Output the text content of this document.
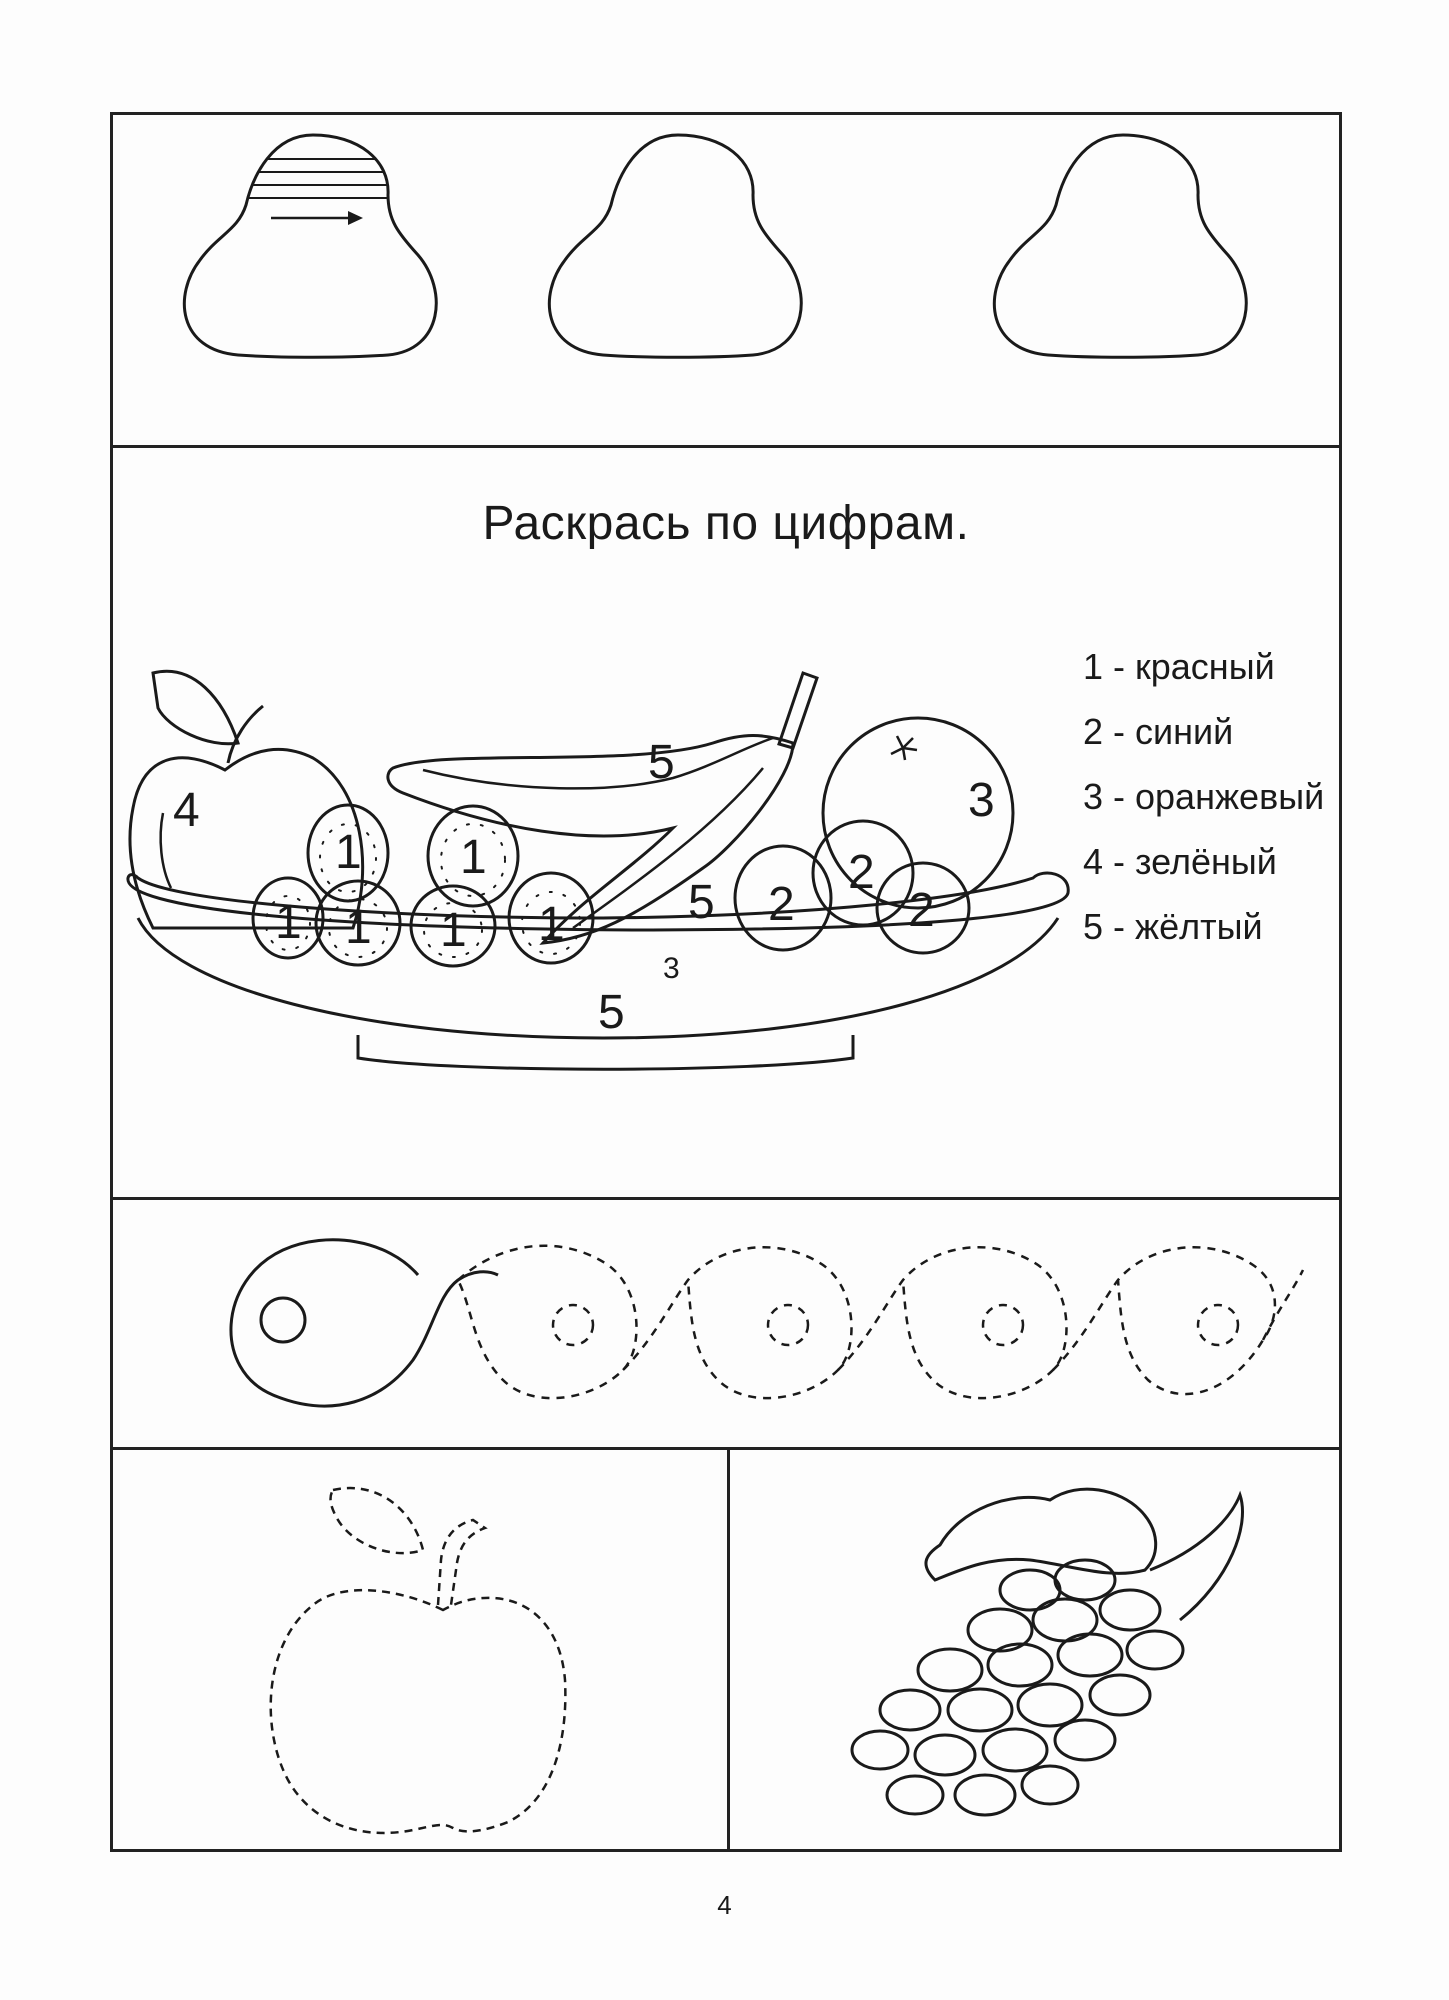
Раскрась по цифрам.
4
5
5
3
2
2
2
1 1
1 1 1 1
3
5
1 - красный
2 - синий
3 - оранжевый
4 - зелёный
5 - жёлтый
4
